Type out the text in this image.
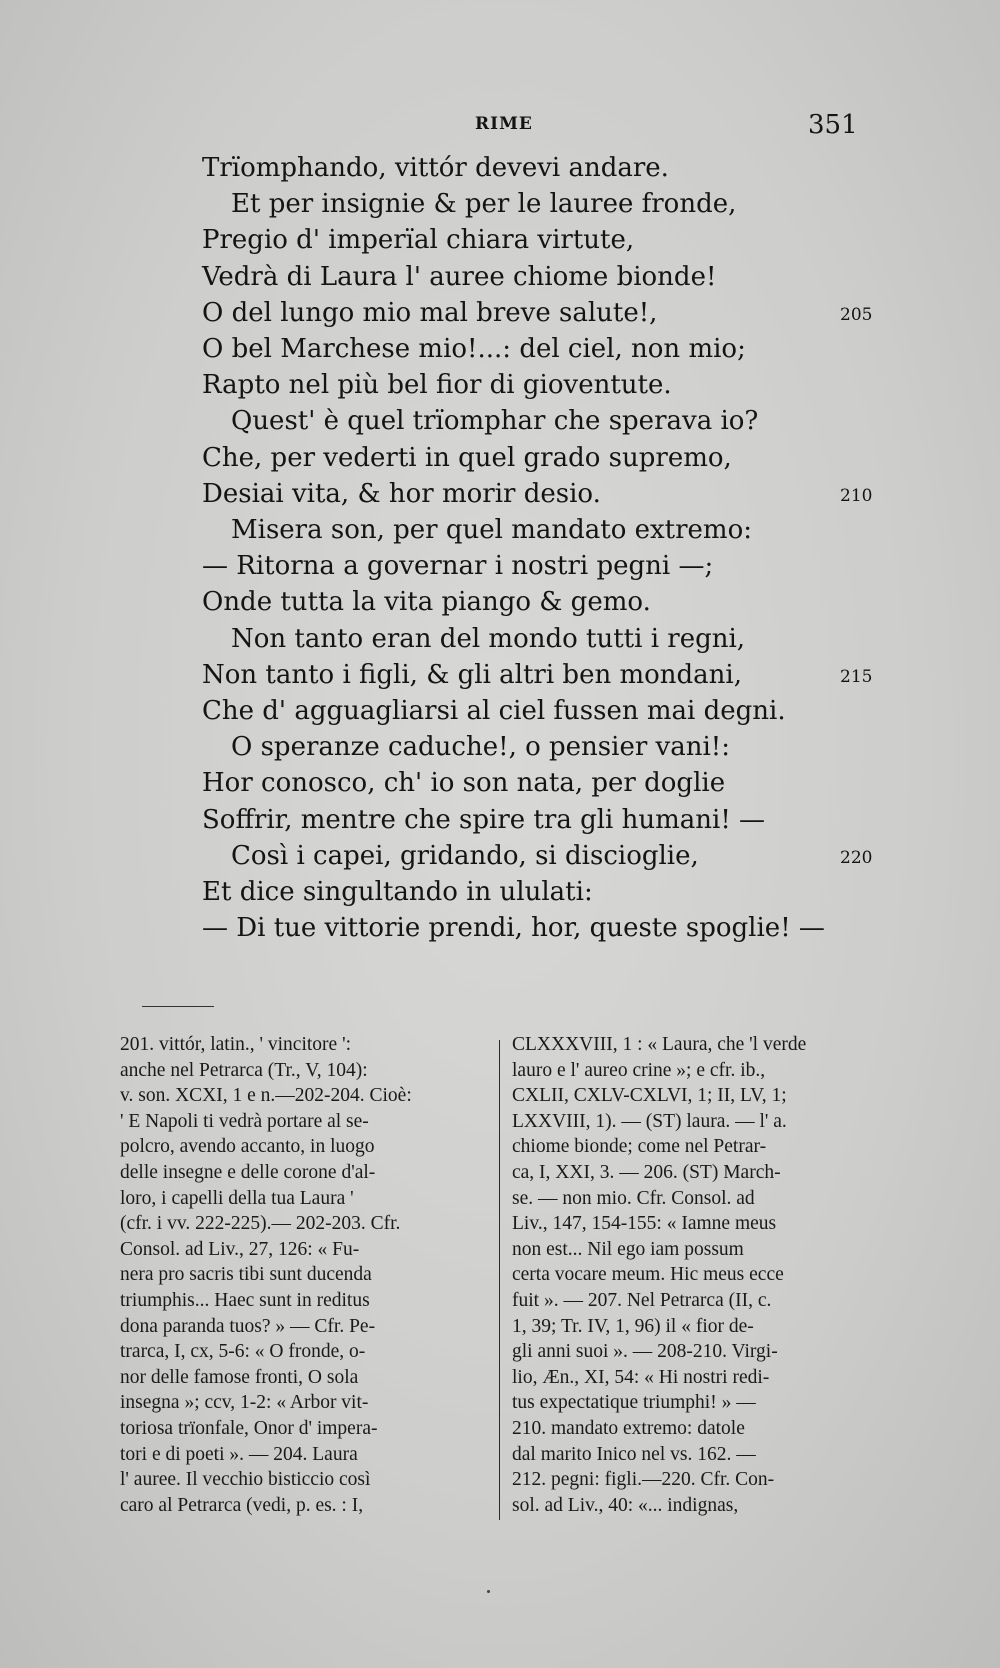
RIME	351
Trïomphando, vittór devevi andare.
Et per insignie & per le lauree fronde,
Pregio d' imperïal chiara virtute,
Vedrà di Laura l' auree chiome bionde!
O del lungo mio mal breve salute!,	205
O bel Marchese mio!...: del ciel, non mio;
Rapto nel più bel fior di gioventute.
Quest' è quel trïomphar che sperava io?
Che, per vederti in quel grado supremo,
Desiai vita, & hor morir desio.	210
Misera son, per quel mandato extremo:
— Ritorna a governar i nostri pegni —;
Onde tutta la vita piango & gemo.
Non tanto eran del mondo tutti i regni,
Non tanto i figli, & gli altri ben mondani,	215
Che d' agguagliarsi al ciel fussen mai degni.
O speranze caduche!, o pensier vani!:
Hor conosco, ch' io son nata, per doglie
Soffrir, mentre che spire tra gli humani! —
Così i capei, gridando, si discioglie,	220
Et dice singultando in ululati:
— Di tue vittorie prendi, hor, queste spoglie! —
201. vittór, latin., ' vincitore ':
anche nel Petrarca (Tr., V, 104):
v. son. XCXI, 1 e n.—202-204. Cioè:
' E Napoli ti vedrà portare al se-
polcro, avendo accanto, in luogo
delle insegne e delle corone d'al-
loro, i capelli della tua Laura '
(cfr. i vv. 222-225).— 202-203. Cfr.
Consol. ad Liv., 27, 126: « Fu-
nera pro sacris tibi sunt ducenda
triumphis... Haec sunt in reditus
dona paranda tuos? » — Cfr. Pe-
trarca, I, cx, 5-6: « O fronde, o-
nor delle famose fronti, O sola
insegna »; ccv, 1-2: « Arbor vit-
toriosa trïonfale, Onor d' impera-
tori e di poeti ». — 204. Laura
l' auree. Il vecchio bisticcio così
caro al Petrarca (vedi, p. es. : I,
CLXXXVIII, 1 : « Laura, che 'l verde
lauro e l' aureo crine »; e cfr. ib.,
CXLII, CXLV-CXLVI, 1; II, LV, 1;
LXXVIII, 1). — (ST) laura. — l' a.
chiome bionde; come nel Petrar-
ca, I, XXI, 3. — 206. (ST) March-
se. — non mio. Cfr. Consol. ad
Liv., 147, 154-155: « Iamne meus
non est... Nil ego iam possum
certa vocare meum. Hic meus ecce
fuit ». — 207. Nel Petrarca (II, c.
1, 39; Tr. IV, 1, 96) il « fior de-
gli anni suoi ». — 208-210. Virgi-
lio, Æn., XI, 54: « Hi nostri redi-
tus expectatique triumphi! » —
210. mandato extremo: datole
dal marito Inico nel vs. 162. —
212. pegni: figli.—220. Cfr. Con-
sol. ad Liv., 40: «... indignas,
